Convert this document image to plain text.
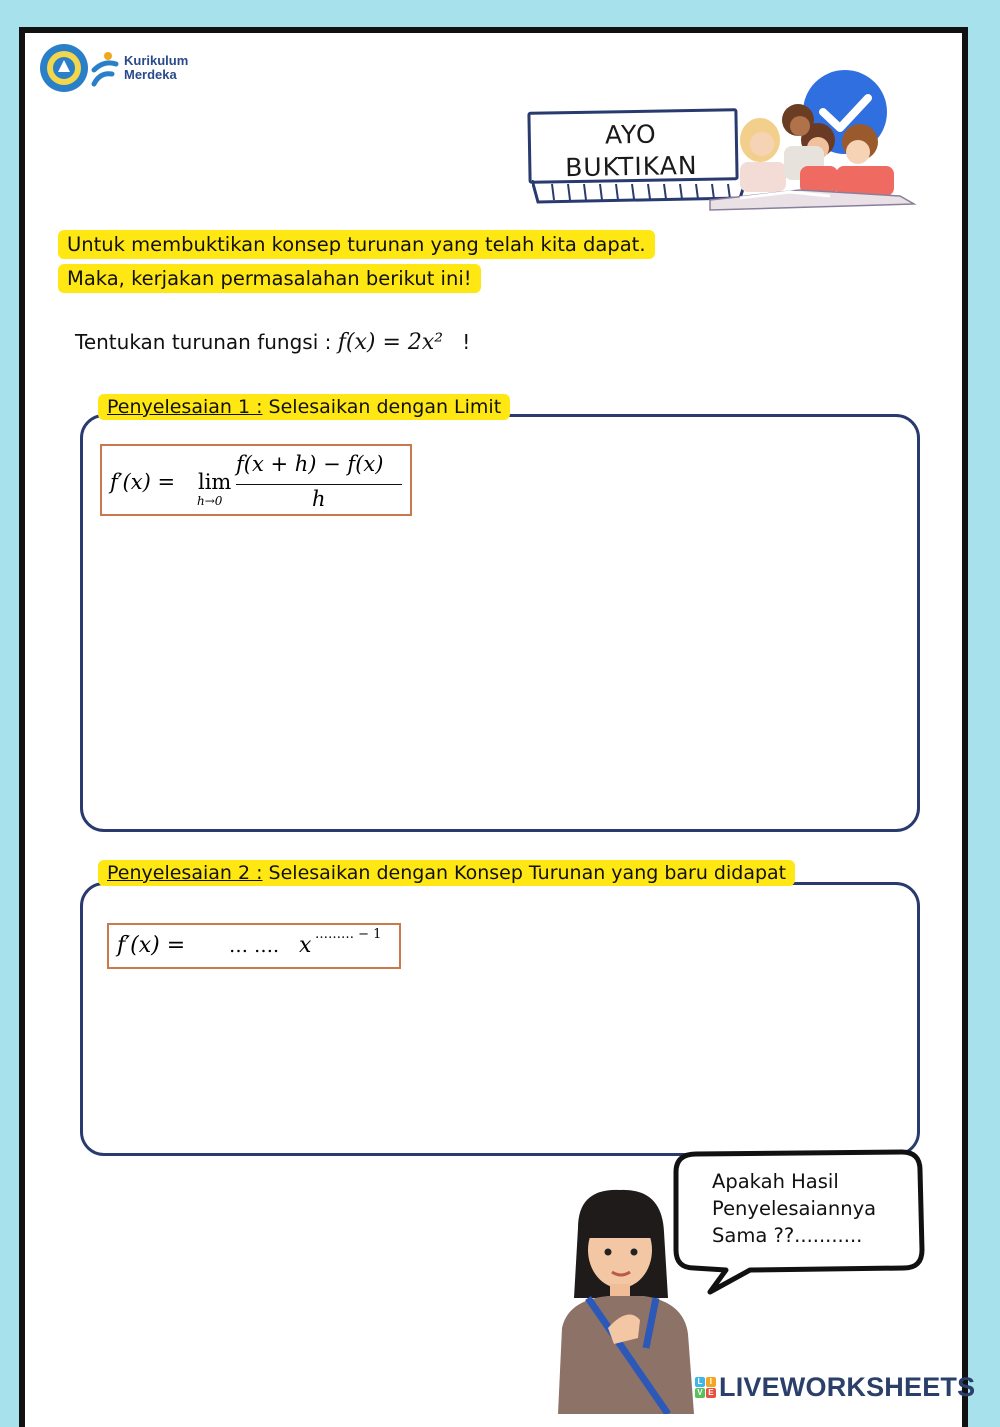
Kurikulum
Merdeka
AYO
BUKTIKAN
Untuk membuktikan konsep turunan yang telah kita dapat.
Maka, kerjakan permasalahan berikut ini!
Tentukan turunan fungsi : f(x) = 2x² !
Penyelesaian 1 : Selesaikan dengan Limit
f′(x) = lim
h→0
f(x + h) − f(x)
h
Penyelesaian 2 : Selesaikan dengan Konsep Turunan yang baru didapat
f′(x) = … …. x ……… − 1
Apakah Hasil
Penyelesaiannya
Sama ??...........
L I
V E LIVEWORKSHEETS
